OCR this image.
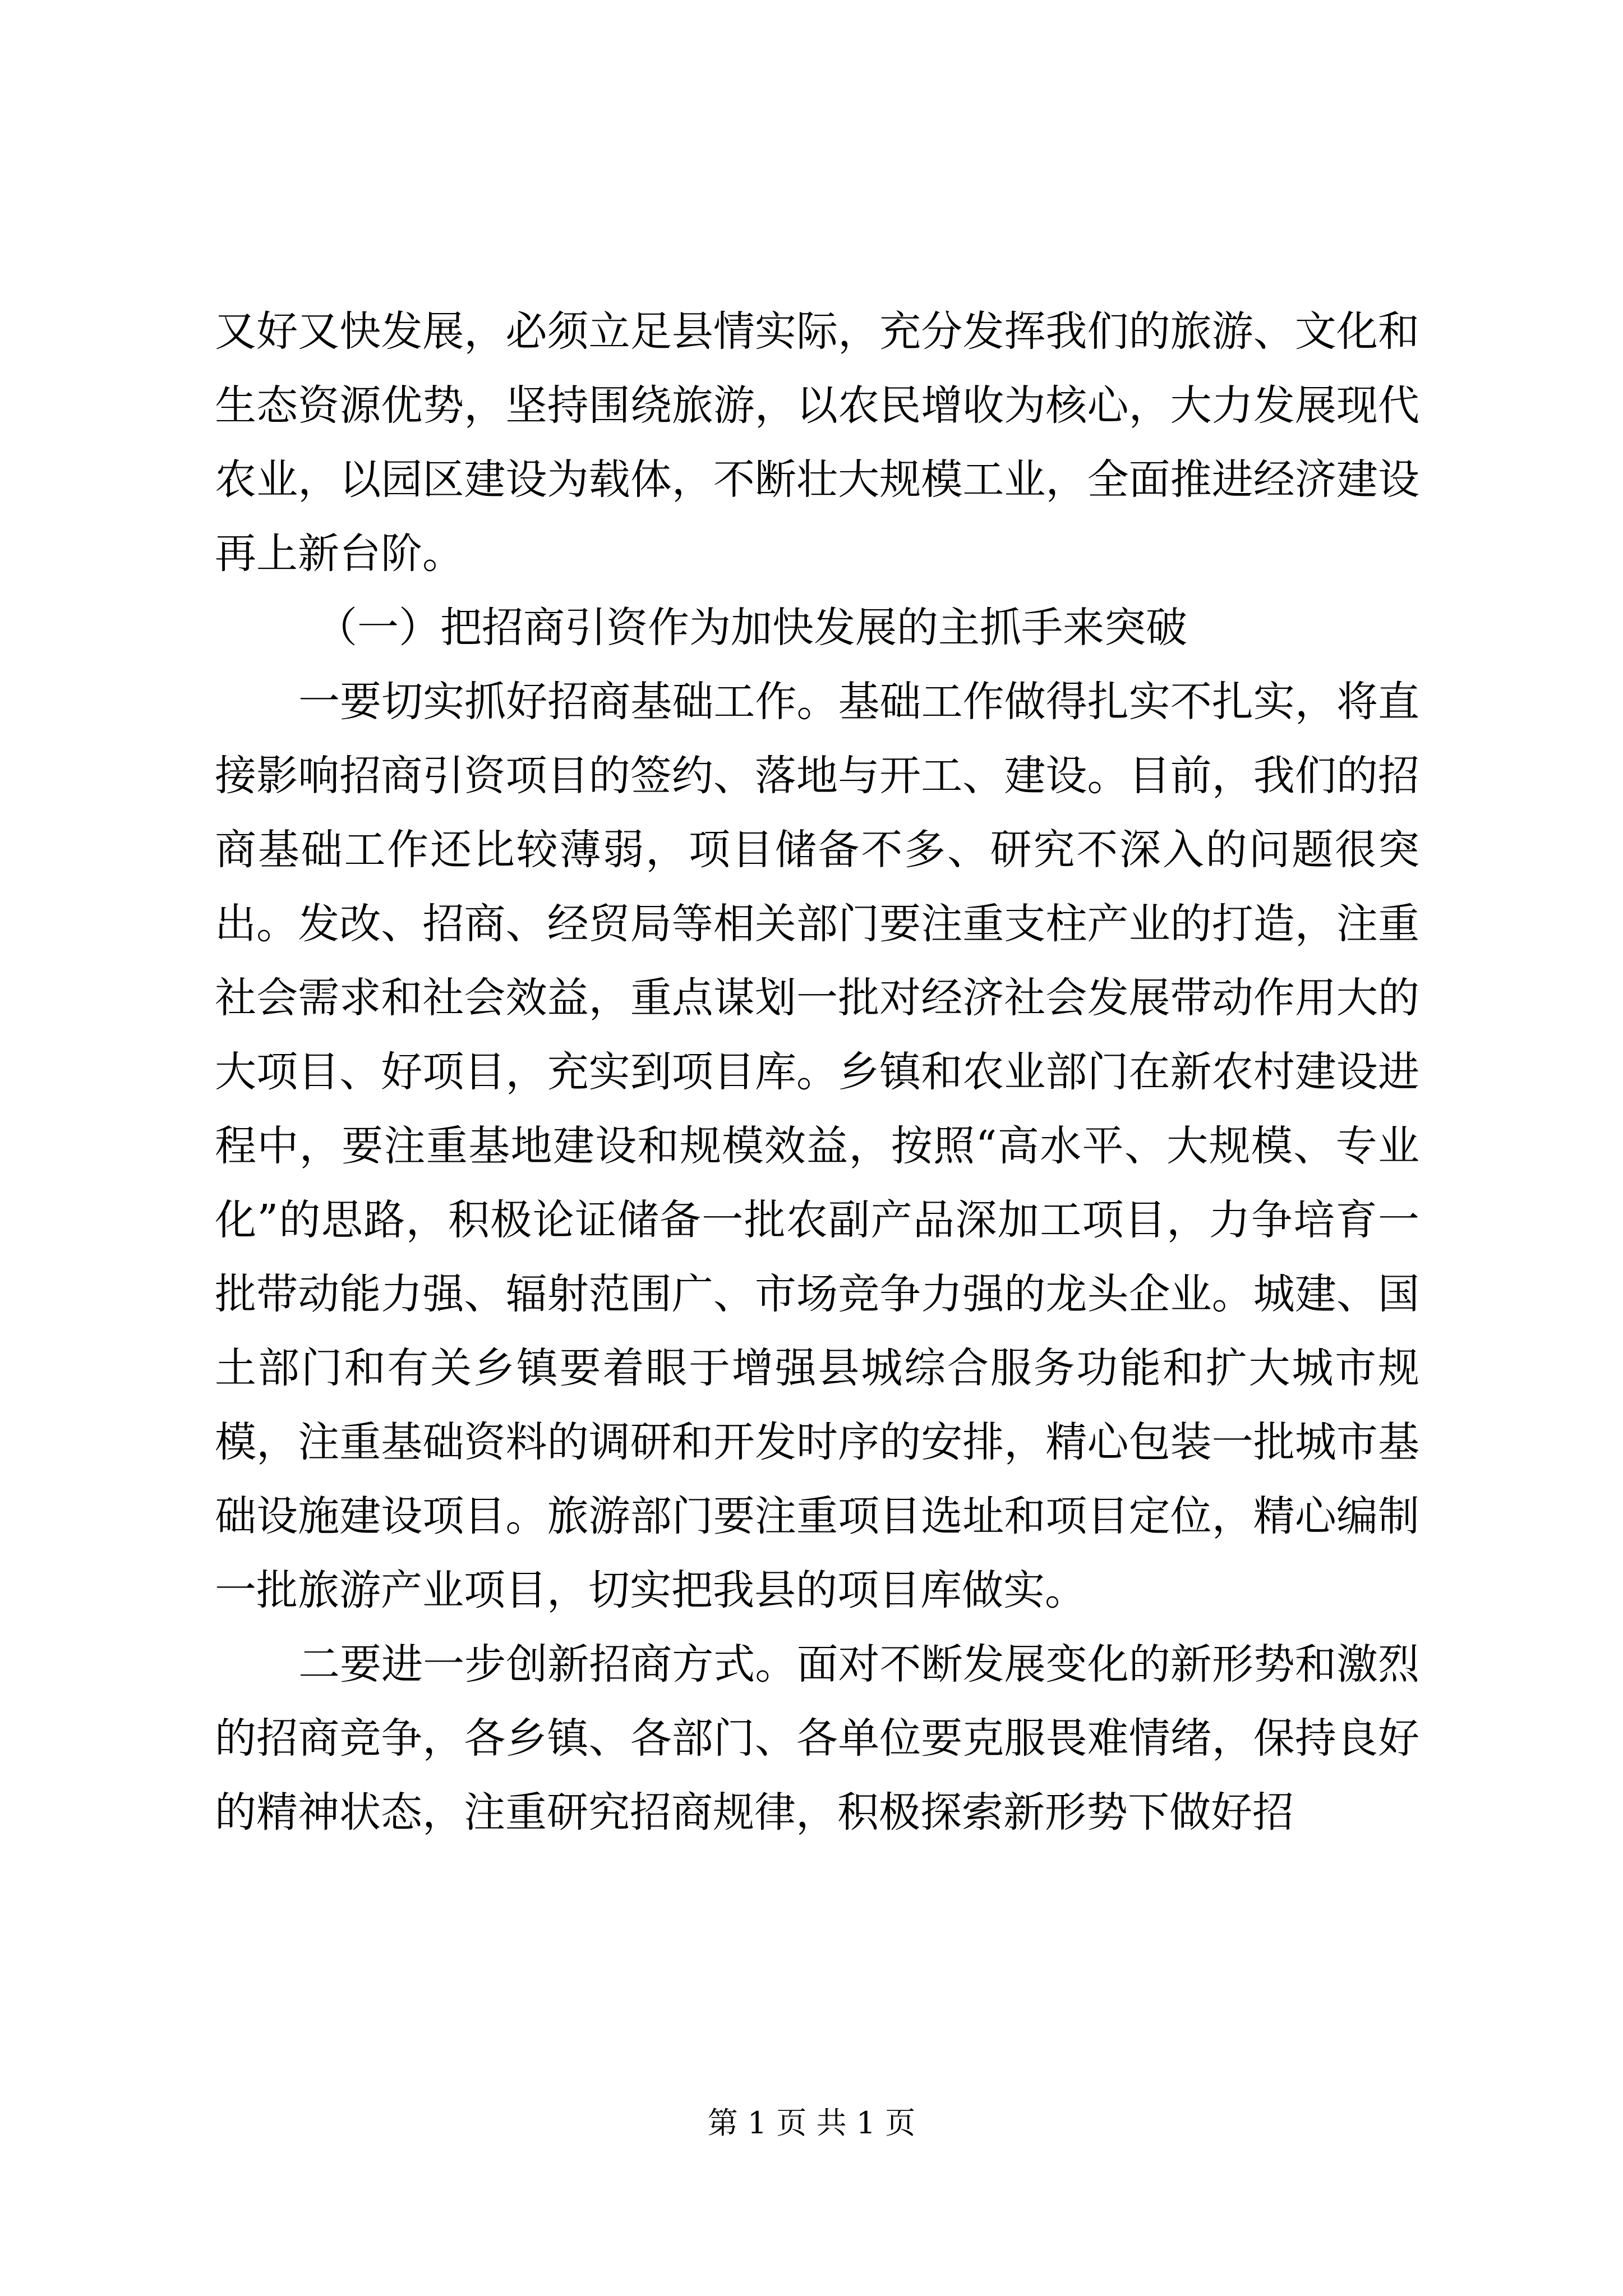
又好又快发展，必须立足县情实际，充分发挥我们的旅游、文化和生态资源优势，坚持围绕旅游，以农民增收为核心，大力发展现代农业，以园区建设为载体，不断壮大规模工业，全面推进经济建设再上新台阶。

（一）把招商引资作为加快发展的主抓手来突破

一要切实抓好招商基础工作。基础工作做得扎实不扎实，将直接影响招商引资项目的签约、落地与开工、建设。目前，我们的招商基础工作还比较薄弱，项目储备不多、研究不深入的问题很突出。发改、招商、经贸局等相关部门要注重支柱产业的打造，注重社会需求和社会效益，重点谋划一批对经济社会发展带动作用大的大项目、好项目，充实到项目库。乡镇和农业部门在新农村建设进程中，要注重基地建设和规模效益，按照“高水平、大规模、专业化”的思路，积极论证储备一批农副产品深加工项目，力争培育一批带动能力强、辐射范围广、市场竞争力强的龙头企业。城建、国土部门和有关乡镇要着眼于增强县城综合服务功能和扩大城市规模，注重基础资料的调研和开发时序的安排，精心包装一批城市基础设施建设项目。旅游部门要注重项目选址和项目定位，精心编制一批旅游产业项目，切实把我县的项目库做实。

二要进一步创新招商方式。面对不断发展变化的新形势和激烈的招商竞争，各乡镇、各部门、各单位要克服畏难情绪，保持良好的精神状态，注重研究招商规律，积极探索新形势下做好招

第 1 页 共 1 页
